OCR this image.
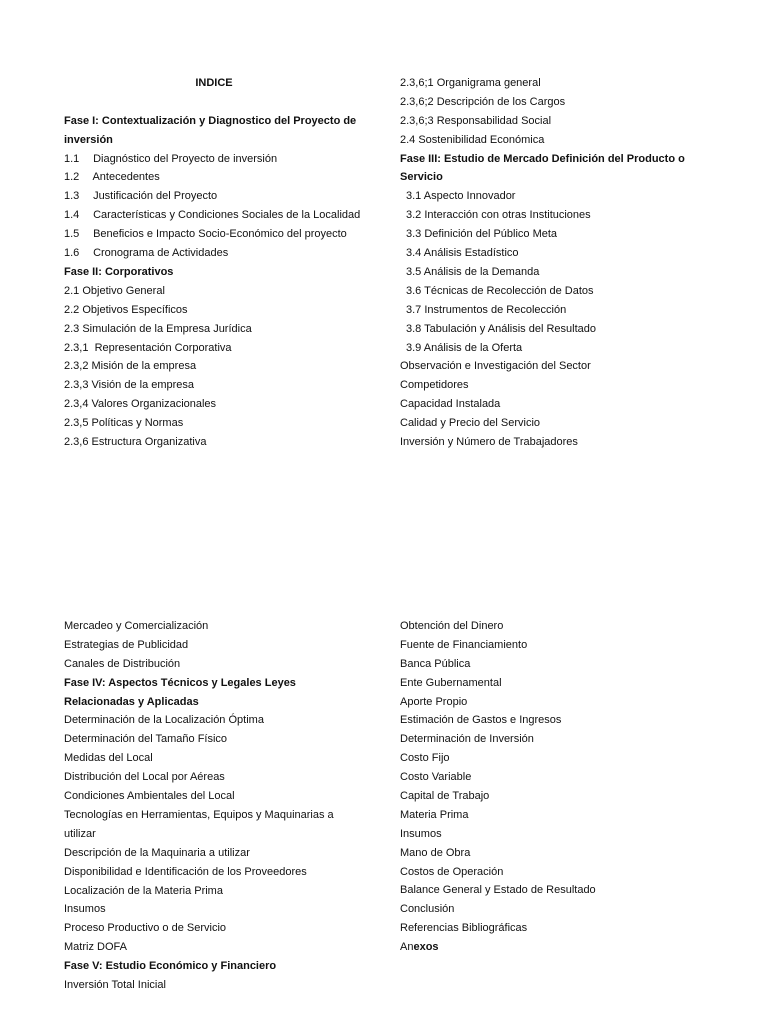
INDICE
Fase I: Contextualización y Diagnostico del Proyecto de inversión
1.1 Diagnóstico del Proyecto de inversión
1.2 Antecedentes
1.3 Justificación del Proyecto
1.4 Características y Condiciones Sociales de la Localidad
1.5 Beneficios e Impacto Socio-Económico del proyecto
1.6 Cronograma de Actividades
Fase II: Corporativos
2.1 Objetivo General
2.2 Objetivos Específicos
2.3 Simulación de la Empresa Jurídica
2.3,1  Representación Corporativa
2.3,2 Misión de la empresa
2.3,3 Visión de la empresa
2.3,4 Valores Organizacionales
2.3,5 Políticas y Normas
2.3,6 Estructura Organizativa
2.3,6;1 Organigrama general
2.3,6;2 Descripción de los Cargos
2.3,6;3 Responsabilidad Social
2.4 Sostenibilidad Económica
Fase III: Estudio de Mercado Definición del Producto o Servicio
3.1 Aspecto Innovador
3.2 Interacción con otras Instituciones
3.3 Definición del Público Meta
3.4 Análisis Estadístico
3.5 Análisis de la Demanda
3.6 Técnicas de Recolección de Datos
3.7 Instrumentos de Recolección
3.8 Tabulación y Análisis del Resultado
3.9 Análisis de la Oferta
Observación e Investigación del Sector
Competidores
Capacidad Instalada
Calidad y Precio del Servicio
Inversión y Número de Trabajadores
Mercadeo y Comercialización
Estrategias de Publicidad
Canales de Distribución
Fase IV: Aspectos Técnicos y Legales Leyes Relacionadas y Aplicadas
Determinación de la Localización Óptima
Determinación del Tamaño Físico
Medidas del Local
Distribución del Local por Aéreas
Condiciones Ambientales del Local
Tecnologías en Herramientas, Equipos y Maquinarias a utilizar
Descripción de la Maquinaria a utilizar
Disponibilidad e Identificación de los Proveedores
Localización de la Materia Prima
Insumos
Proceso Productivo o de Servicio
Matriz DOFA
Fase V: Estudio Económico y Financiero
Inversión Total Inicial
Obtención del Dinero
Fuente de Financiamiento
Banca Pública
Ente Gubernamental
Aporte Propio
Estimación de Gastos e Ingresos
Determinación de Inversión
Costo Fijo
Costo Variable
Capital de Trabajo
Materia Prima
Insumos
Mano de Obra
Costos de Operación
Balance General y Estado de Resultado
Conclusión
Referencias Bibliográficas
Anexos
